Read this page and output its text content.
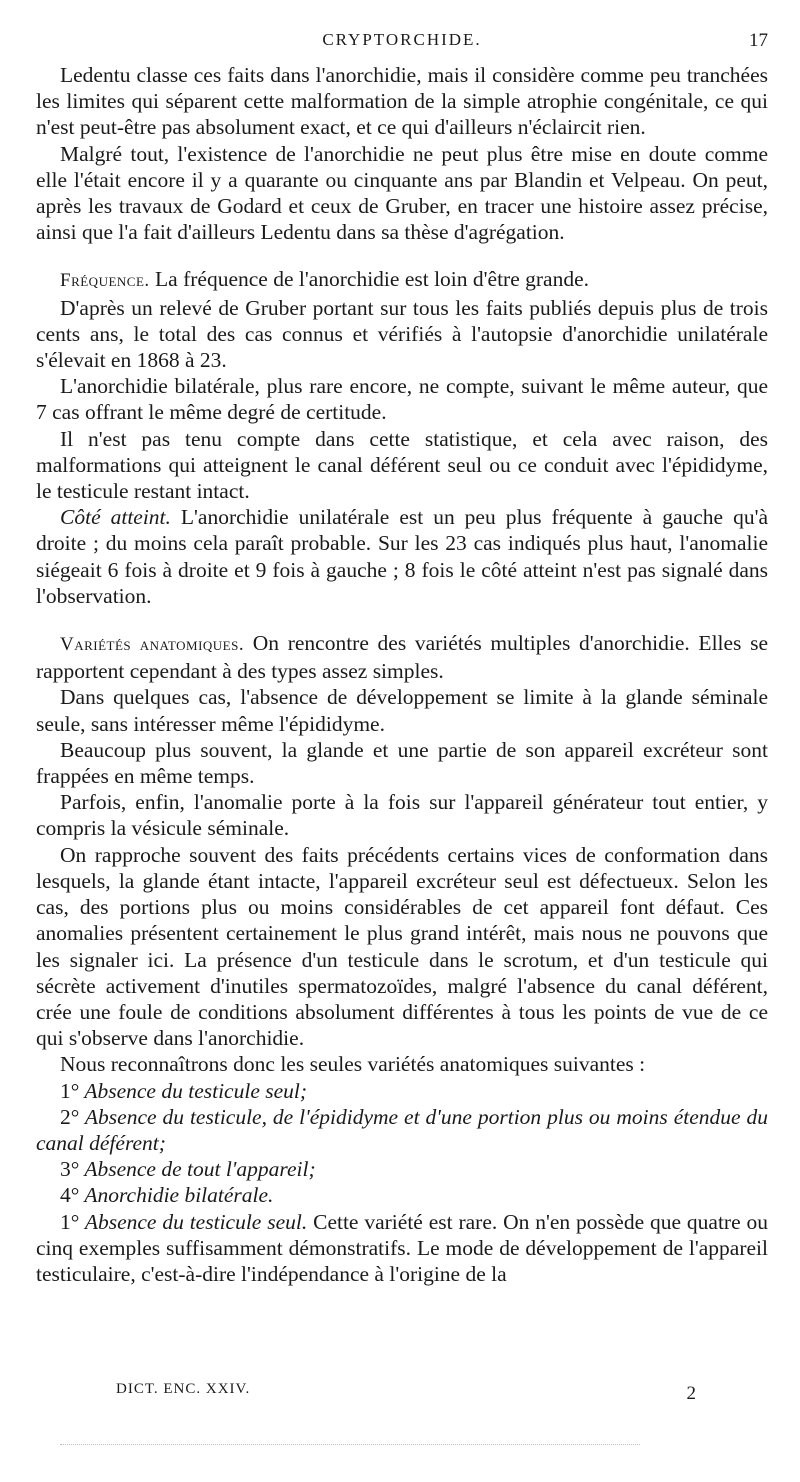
CRYPTORCHIDE.	17

Ledentu classe ces faits dans l'anorchidie, mais il considère comme peu tranchées les limites qui séparent cette malformation de la simple atrophie congénitale, ce qui n'est peut-être pas absolument exact, et ce qui d'ailleurs n'éclaircit rien.

Malgré tout, l'existence de l'anorchidie ne peut plus être mise en doute comme elle l'était encore il y a quarante ou cinquante ans par Blandin et Velpeau. On peut, après les travaux de Godard et ceux de Gruber, en tracer une histoire assez précise, ainsi que l'a fait d'ailleurs Ledentu dans sa thèse d'agrégation.

Fréquence. La fréquence de l'anorchidie est loin d'être grande.

D'après un relevé de Gruber portant sur tous les faits publiés depuis plus de trois cents ans, le total des cas connus et vérifiés à l'autopsie d'anorchidie unilatérale s'élevait en 1868 à 23.

L'anorchidie bilatérale, plus rare encore, ne compte, suivant le même auteur, que 7 cas offrant le même degré de certitude.

Il n'est pas tenu compte dans cette statistique, et cela avec raison, des malformations qui atteignent le canal déférent seul ou ce conduit avec l'épididyme, le testicule restant intact.

Côté atteint. L'anorchidie unilatérale est un peu plus fréquente à gauche qu'à droite ; du moins cela paraît probable. Sur les 23 cas indiqués plus haut, l'anomalie siégeait 6 fois à droite et 9 fois à gauche ; 8 fois le côté atteint n'est pas signalé dans l'observation.

Variétés anatomiques. On rencontre des variétés multiples d'anorchidie. Elles se rapportent cependant à des types assez simples.

Dans quelques cas, l'absence de développement se limite à la glande séminale seule, sans intéresser même l'épididyme.

Beaucoup plus souvent, la glande et une partie de son appareil excréteur sont frappées en même temps.

Parfois, enfin, l'anomalie porte à la fois sur l'appareil générateur tout entier, y compris la vésicule séminale.

On rapproche souvent des faits précédents certains vices de conformation dans lesquels, la glande étant intacte, l'appareil excréteur seul est défectueux. Selon les cas, des portions plus ou moins considérables de cet appareil font défaut. Ces anomalies présentent certainement le plus grand intérêt, mais nous ne pouvons que les signaler ici. La présence d'un testicule dans le scrotum, et d'un testicule qui sécrète activement d'inutiles spermatozoïdes, malgré l'absence du canal déférent, crée une foule de conditions absolument différentes à tous les points de vue de ce qui s'observe dans l'anorchidie.

Nous reconnaîtrons donc les seules variétés anatomiques suivantes :

1° Absence du testicule seul;

2° Absence du testicule, de l'épididyme et d'une portion plus ou moins étendue du canal déférent;

3° Absence de tout l'appareil;

4° Anorchidie bilatérale.

1° Absence du testicule seul. Cette variété est rare. On n'en possède que quatre ou cinq exemples suffisamment démonstratifs. Le mode de développement de l'appareil testiculaire, c'est-à-dire l'indépendance à l'origine de la

DICT. ENC. XXIV.	2
